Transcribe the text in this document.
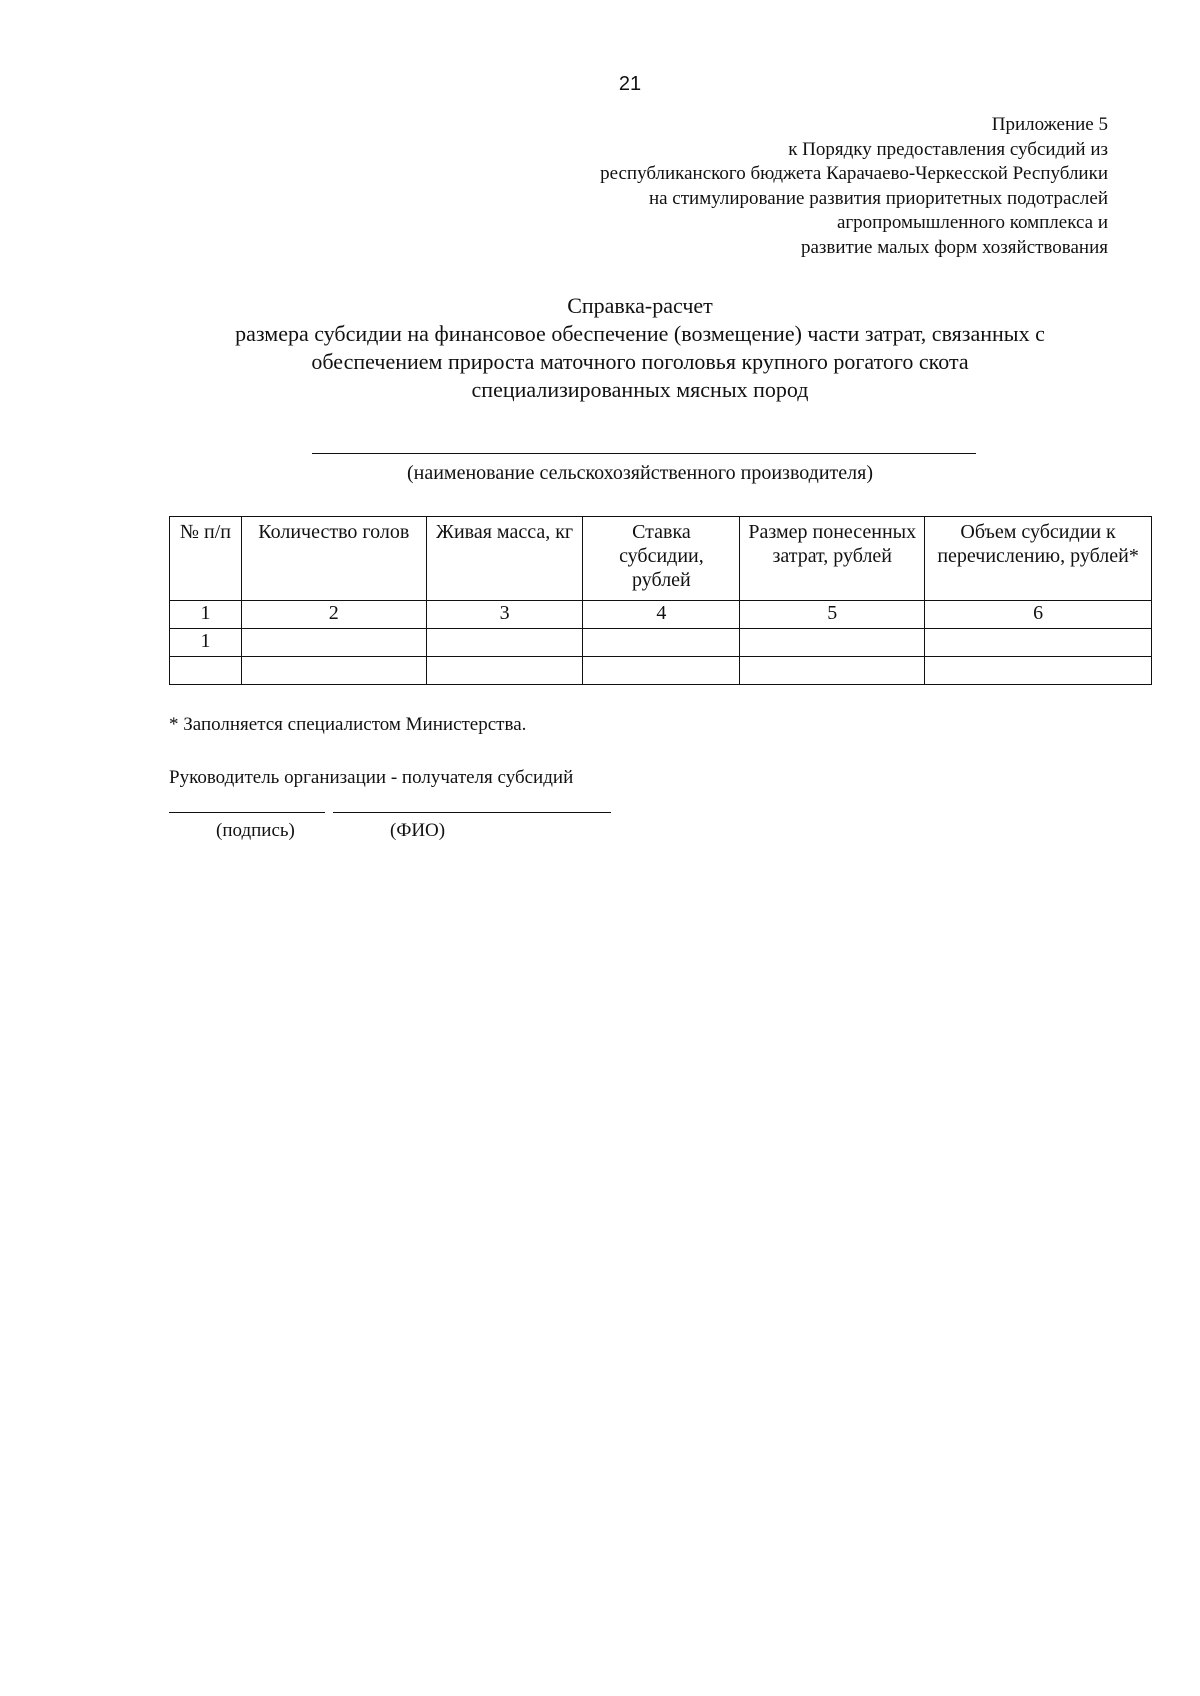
21
Приложение 5
к Порядку предоставления субсидий из
республиканского бюджета Карачаево-Черкесской Республики
на стимулирование развития приоритетных подотраслей
агропромышленного комплекса и
развитие малых форм хозяйствования
Справка-расчет
размера субсидии на финансовое обеспечение (возмещение) части затрат, связанных с
обеспечением прироста маточного поголовья крупного рогатого скота
специализированных мясных пород
(наименование сельскохозяйственного производителя)
№ п/п	Количество голов	Живая масса, кг	Ставка субсидии, рублей	Размер понесенных затрат, рублей	Объем субсидии к перечислению, рублей*
1	2	3	4	5	6
1					

* Заполняется специалистом Министерства.
Руководитель организации - получателя субсидий
(подпись)	(ФИО)
